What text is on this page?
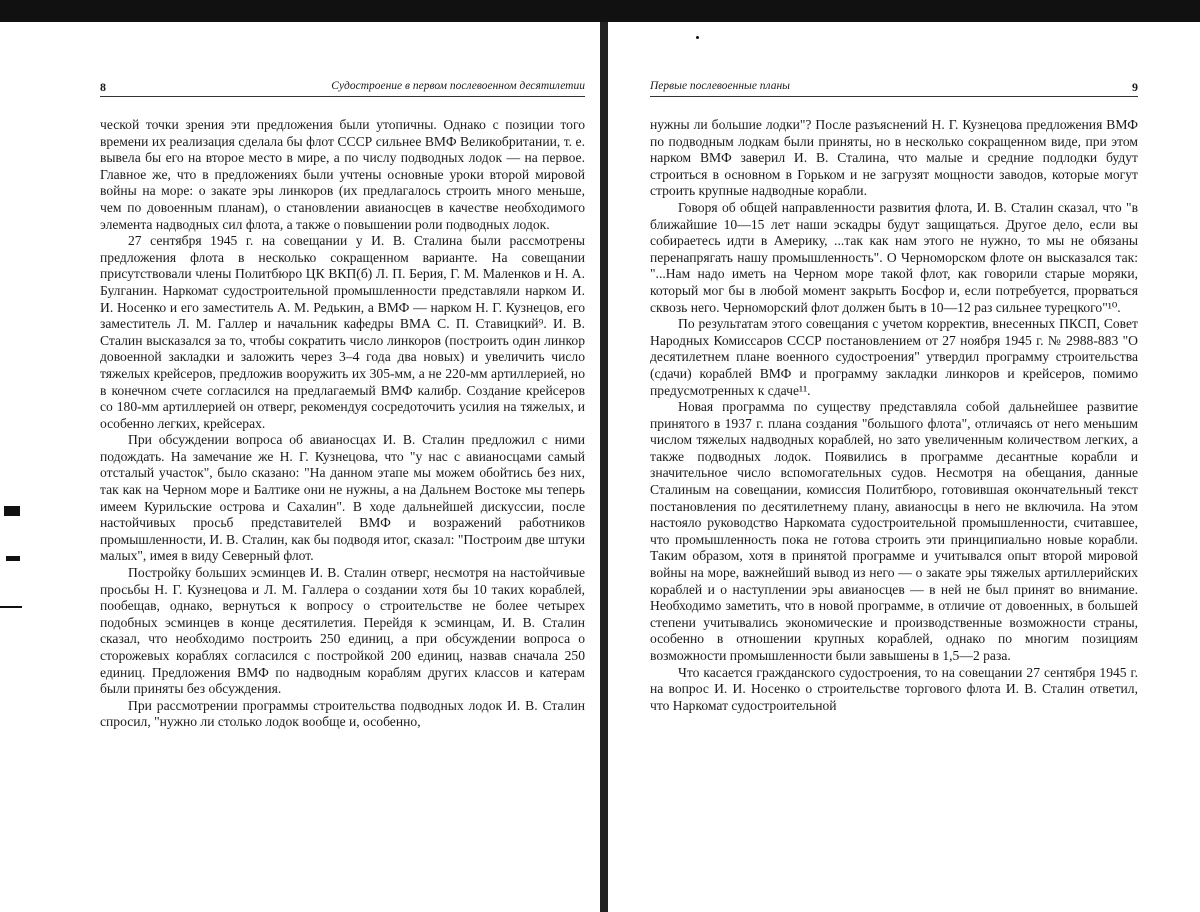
8	Судостроение в первом послевоенном десятилетии

ческой точки зрения эти предложения были утопичны. Однако с позиции того времени их реализация сделала бы флот СССР сильнее ВМФ Великобритании, т. е. вывела бы его на второе место в мире, а по числу подводных лодок — на первое. Главное же, что в предложениях были учтены основные уроки второй мировой войны на море: о закате эры линкоров (их предлагалось строить много меньше, чем по довоенным планам), о становлении авианосцев в качестве необходимого элемента надводных сил флота, а также о повышении роли подводных лодок.

27 сентября 1945 г. на совещании у И. В. Сталина были рассмотрены предложения флота в несколько сокращенном варианте. На совещании присутствовали члены Политбюро ЦК ВКП(б) Л. П. Берия, Г. М. Маленков и Н. А. Булганин. Наркомат судостроительной промышленности представляли нарком И. И. Носенко и его заместитель А. М. Редькин, а ВМФ — нарком Н. Г. Кузнецов, его заместитель Л. М. Галлер и начальник кафедры ВМА С. П. Ставицкий⁹. И. В. Сталин высказался за то, чтобы сократить число линкоров (построить один линкор довоенной закладки и заложить через 3–4 года два новых) и увеличить число тяжелых крейсеров, предложив вооружить их 305-мм, а не 220-мм артиллерией, но в конечном счете согласился на предлагаемый ВМФ калибр. Создание крейсеров со 180-мм артиллерией он отверг, рекомендуя сосредоточить усилия на тяжелых, и особенно легких, крейсерах.

При обсуждении вопроса об авианосцах И. В. Сталин предложил с ними подождать. На замечание же Н. Г. Кузнецова, что "у нас с авианосцами самый отсталый участок", было сказано: "На данном этапе мы можем обойтись без них, так как на Черном море и Балтике они не нужны, а на Дальнем Востоке мы теперь имеем Курильские острова и Сахалин". В ходе дальнейшей дискуссии, после настойчивых просьб представителей ВМФ и возражений работников промышленности, И. В. Сталин, как бы подводя итог, сказал: "Построим две штуки малых", имея в виду Северный флот.

Постройку больших эсминцев И. В. Сталин отверг, несмотря на настойчивые просьбы Н. Г. Кузнецова и Л. М. Галлера о создании хотя бы 10 таких кораблей, пообещав, однако, вернуться к вопросу о строительстве не более четырех подобных эсминцев в конце десятилетия. Перейдя к эсминцам, И. В. Сталин сказал, что необходимо построить 250 единиц, а при обсуждении вопроса о сторожевых кораблях согласился с постройкой 200 единиц, назвав сначала 250 единиц. Предложения ВМФ по надводным кораблям других классов и катерам были приняты без обсуждения.

При рассмотрении программы строительства подводных лодок И. В. Сталин спросил, "нужно ли столько лодок вообще и, особенно,

Первые послевоенные планы	9

нужны ли большие лодки"? После разъяснений Н. Г. Кузнецова предложения ВМФ по подводным лодкам были приняты, но в несколько сокращенном виде, при этом нарком ВМФ заверил И. В. Сталина, что малые и средние подлодки будут строиться в основном в Горьком и не загрузят мощности заводов, которые могут строить крупные надводные корабли.

Говоря об общей направленности развития флота, И. В. Сталин сказал, что "в ближайшие 10—15 лет наши эскадры будут защищаться. Другое дело, если вы собираетесь идти в Америку, ...так как нам этого не нужно, то мы не обязаны перенапрягать нашу промышленность". О Черноморском флоте он высказался так: "...Нам надо иметь на Черном море такой флот, как говорили старые моряки, который мог бы в любой момент закрыть Босфор и, если потребуется, прорваться сквозь него. Черноморский флот должен быть в 10—12 раз сильнее турецкого"¹⁰.

По результатам этого совещания с учетом корректив, внесенных ПКСП, Совет Народных Комиссаров СССР постановлением от 27 ноября 1945 г. № 2988-883 "О десятилетнем плане военного судостроения" утвердил программу строительства (сдачи) кораблей ВМФ и программу закладки линкоров и крейсеров, помимо предусмотренных к сдаче¹¹.

Новая программа по существу представляла собой дальнейшее развитие принятого в 1937 г. плана создания "большого флота", отличаясь от него меньшим числом тяжелых надводных кораблей, но зато увеличенным количеством легких, а также подводных лодок. Появились в программе десантные корабли и значительное число вспомогательных судов. Несмотря на обещания, данные Сталиным на совещании, комиссия Политбюро, готовившая окончательный текст постановления по десятилетнему плану, авианосцы в него не включила. На этом настояло руководство Наркомата судостроительной промышленности, считавшее, что промышленность пока не готова строить эти принципиально новые корабли. Таким образом, хотя в принятой программе и учитывался опыт второй мировой войны на море, важнейший вывод из него — о закате эры тяжелых артиллерийских кораблей и о наступлении эры авианосцев — в ней не был принят во внимание. Необходимо заметить, что в новой программе, в отличие от довоенных, в большей степени учитывались экономические и производственные возможности страны, особенно в отношении крупных кораблей, однако по многим позициям возможности промышленности были завышены в 1,5—2 раза.

Что касается гражданского судостроения, то на совещании 27 сентября 1945 г. на вопрос И. И. Носенко о строительстве торгового флота И. В. Сталин ответил, что Наркомат судостроительной
